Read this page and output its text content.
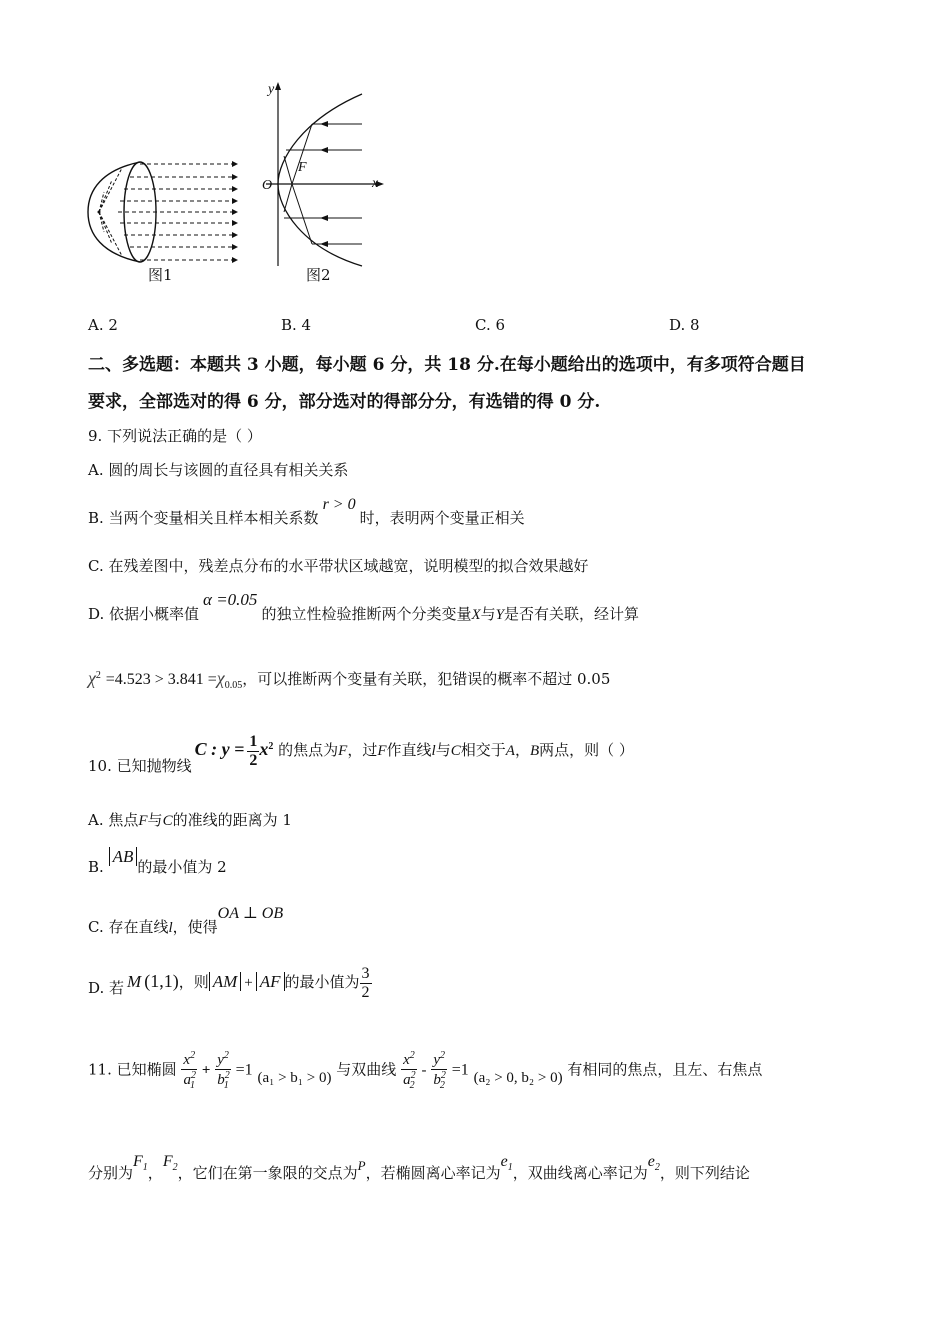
图1
y
x
O
F
图2
A. 2	B. 4	C. 6	D. 8
二、多选题：本题共 3 小题，每小题 6 分，共 18 分.在每小题给出的选项中，有多项符合题目
要求，全部选对的得 6 分，部分选对的得部分分，有选错的得 0 分.
9. 下列说法正确的是（ ）
A. 圆的周长与该圆的直径具有相关关系
B. 当两个变量相关且样本相关系数r > 0时，表明两个变量正相关
C. 在残差图中，残差点分布的水平带状区域越宽，说明模型的拟合效果越好
D. 依据小概率值α =0.05的独立性检验推断两个分类变量X与Y是否有关联，经计算
$\chi^2 =4.523 > 3.841 =\chi_{0.05}$，可以推断两个变量有关联，犯错误的概率不超过 0.05
10. 已知抛物线C : $y = \frac{1}{2} x^2$ 的焦点为F，过F作直线l与C相交于A，B两点，则（ ）
A. 焦点F与C的准线的距离为 1
B. AB的最小值为 2
C. 存在直线l，使得OA ⊥ OB
D. 若 M (1,1)，则 AM + AF 的最小值为 $\frac{3}{2}$
11. 已知椭圆 $\frac{x^2}{a^2_1} + \frac{y^2}{b^2_1} =1$ (a₁ > b₁ > 0) 与双曲线 $\frac{x^2}{a^2_2} - \frac{y^2}{b^2_2} =1$ (a₂ > 0, b₂ > 0) 有相同的焦点，且左、右焦点
分别为$F_1$，$F_2$，它们在第一象限的交点为P，若椭圆离心率记为$e_1$，双曲线离心率记为$e_2$，则下列结论
